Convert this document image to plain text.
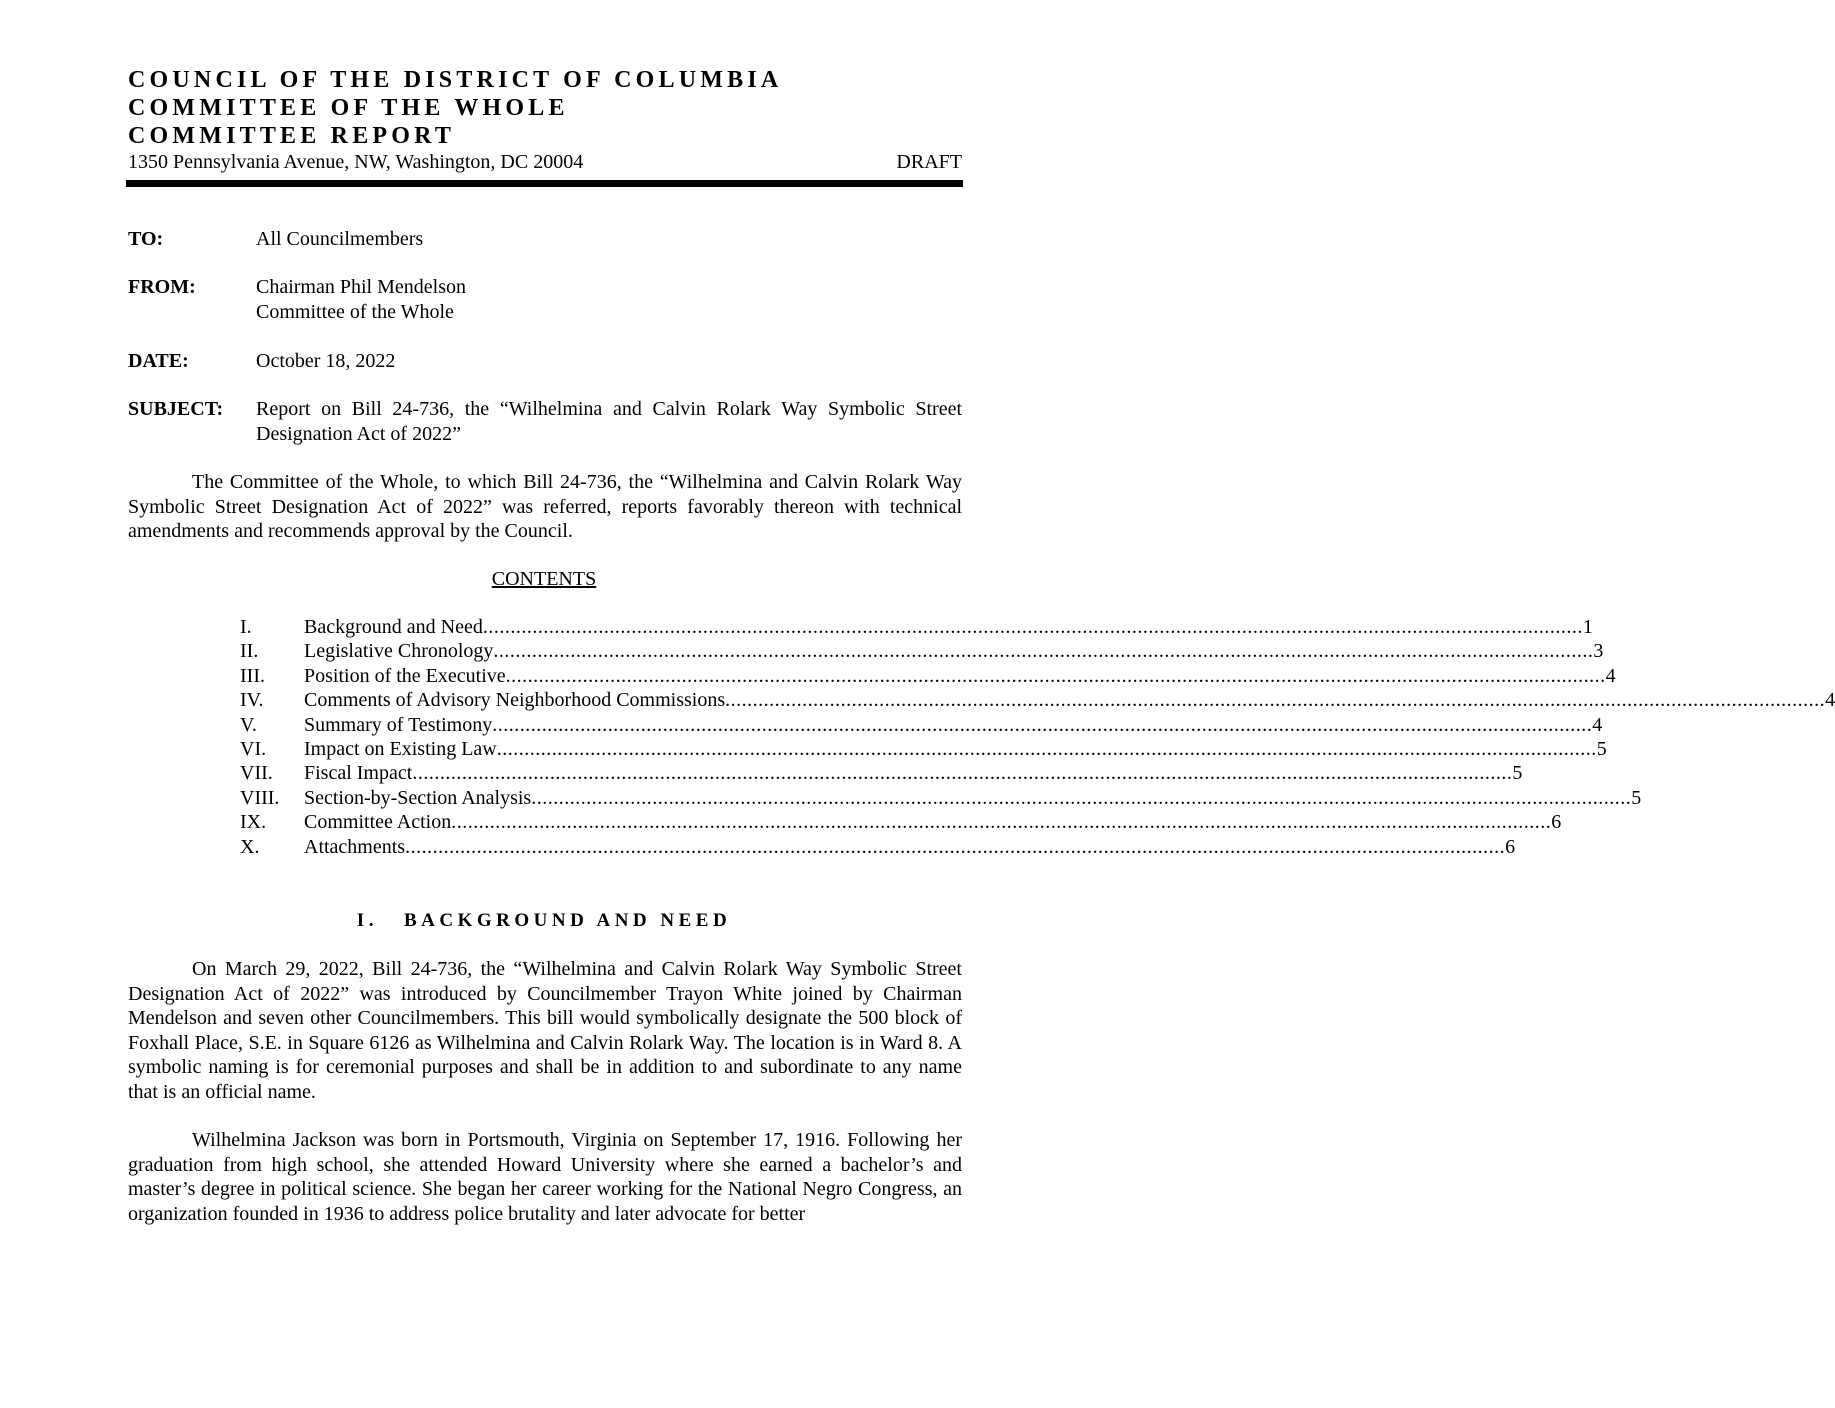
COUNCIL OF THE DISTRICT OF COLUMBIA
COMMITTEE OF THE WHOLE
COMMITTEE REPORT
1350 Pennsylvania Avenue, NW, Washington, DC 20004	DRAFT
TO:	All Councilmembers
FROM:	Chairman Phil Mendelson
Committee of the Whole
DATE:	October 18, 2022
SUBJECT: Report on Bill 24-736, the “Wilhelmina and Calvin Rolark Way Symbolic Street Designation Act of 2022”
The Committee of the Whole, to which Bill 24-736, the “Wilhelmina and Calvin Rolark Way Symbolic Street Designation Act of 2022” was referred, reports favorably thereon with technical amendments and recommends approval by the Council.
CONTENTS
I.	Background and Need ........................................................................................................................................................................................................ 1
II.	Legislative Chronology ........................................................................................................................................................................................................ 3
III.	Position of the Executive ........................................................................................................................................................................................................ 4
IV.	Comments of Advisory Neighborhood Commissions ........................................................................................................................................................................................................ 4
V.	Summary of Testimony ........................................................................................................................................................................................................ 4
VI.	Impact on Existing Law ........................................................................................................................................................................................................ 5
VII.	Fiscal Impact ........................................................................................................................................................................................................ 5
VIII.	Section-by-Section Analysis ........................................................................................................................................................................................................ 5
IX.	Committee Action ........................................................................................................................................................................................................ 6
X.	Attachments ........................................................................................................................................................................................................ 6
I. BACKGROUND AND NEED
On March 29, 2022, Bill 24-736, the “Wilhelmina and Calvin Rolark Way Symbolic Street Designation Act of 2022” was introduced by Councilmember Trayon White joined by Chairman Mendelson and seven other Councilmembers. This bill would symbolically designate the 500 block of Foxhall Place, S.E. in Square 6126 as Wilhelmina and Calvin Rolark Way. The location is in Ward 8. A symbolic naming is for ceremonial purposes and shall be in addition to and subordinate to any name that is an official name.
Wilhelmina Jackson was born in Portsmouth, Virginia on September 17, 1916. Following her graduation from high school, she attended Howard University where she earned a bachelor’s and master’s degree in political science. She began her career working for the National Negro Congress, an organization founded in 1936 to address police brutality and later advocate for better
